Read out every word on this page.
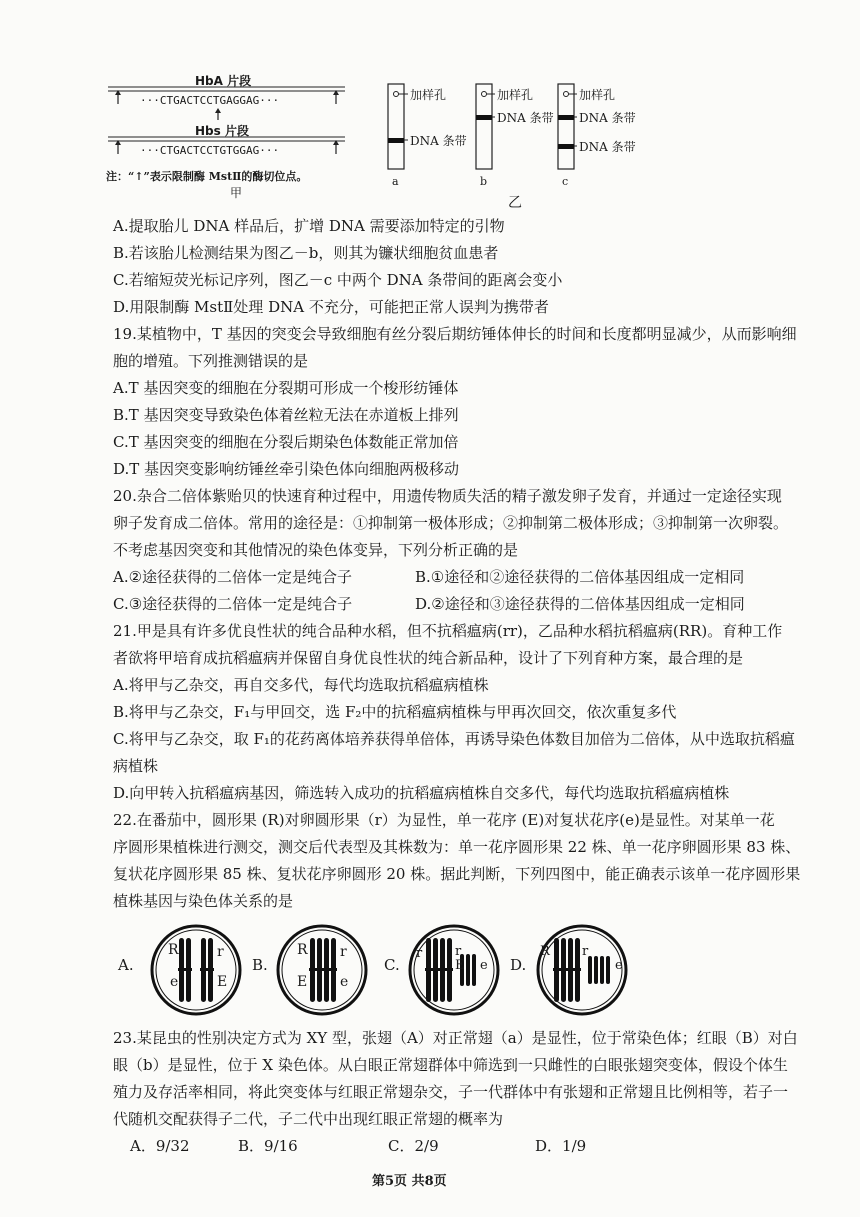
HbA 片段
···CTGACTCCTGAGGAG···
Hbs 片段
···CTGACTCCTGTGGAG···
注：“↑”表示限制酶 MstⅡ的酶切位点。
甲
加样孔
DNA 条带
加样孔
DNA 条带
加样孔
DNA 条带
DNA 条带
a	b	c
乙
A.提取胎儿 DNA 样品后，扩增 DNA 需要添加特定的引物
B.若该胎儿检测结果为图乙－b，则其为镰状细胞贫血患者
C.若缩短荧光标记序列，图乙－c 中两个 DNA 条带间的距离会变小
D.用限制酶 MstⅡ处理 DNA 不充分，可能把正常人误判为携带者
19.某植物中，T 基因的突变会导致细胞有丝分裂后期纺锤体伸长的时间和长度都明显减少，从而影响细
胞的增殖。下列推测错误的是
A.T 基因突变的细胞在分裂期可形成一个梭形纺锤体
B.T 基因突变导致染色体着丝粒无法在赤道板上排列
C.T 基因突变的细胞在分裂后期染色体数能正常加倍
D.T 基因突变影响纺锤丝牵引染色体向细胞两极移动
20.杂合二倍体紫贻贝的快速育种过程中，用遗传物质失活的精子激发卵子发育，并通过一定途径实现
卵子发育成二倍体。常用的途径是：①抑制第一极体形成；②抑制第二极体形成；③抑制第一次卵裂。
不考虑基因突变和其他情况的染色体变异，下列分析正确的是
A.②途径获得的二倍体一定是纯合子	B.①途径和②途径获得的二倍体基因组成一定相同
C.③途径获得的二倍体一定是纯合子	D.②途径和③途径获得的二倍体基因组成一定相同
21.甲是具有许多优良性状的纯合品种水稻，但不抗稻瘟病(rr)，乙品种水稻抗稻瘟病(RR)。育种工作
者欲将甲培育成抗稻瘟病并保留自身优良性状的纯合新品种，设计了下列育种方案，最合理的是
A.将甲与乙杂交，再自交多代，每代均选取抗稻瘟病植株
B.将甲与乙杂交，F₁与甲回交，选 F₂中的抗稻瘟病植株与甲再次回交，依次重复多代
C.将甲与乙杂交，取 F₁的花药离体培养获得单倍体，再诱导染色体数目加倍为二倍体，从中选取抗稻瘟
病植株
D.向甲转入抗稻瘟病基因，筛选转入成功的抗稻瘟病植株自交多代，每代均选取抗稻瘟病植株
22.在番茄中，圆形果 (R)对卵圆形果（r）为显性，单一花序 (E)对复状花序(e)是显性。对某单一花
序圆形果植株进行测交，测交后代表型及其株数为：单一花序圆形果 22 株、单一花序卵圆形果 83 株、
复状花序圆形果 85 株、复状花序卵圆形 20 株。据此判断，下列四图中，能正确表示该单一花序圆形果
植株基因与染色体关系的是
A.
R
e
r
E
B.
R
E
r
e
C.
r	r
E e D.
R r
e
23.某昆虫的性别决定方式为 XY 型，张翅（A）对正常翅（a）是显性，位于常染色体；红眼（B）对白
眼（b）是显性，位于 X 染色体。从白眼正常翅群体中筛选到一只雌性的白眼张翅突变体，假设个体生
殖力及存活率相同，将此突变体与红眼正常翅杂交，子一代群体中有张翅和正常翅且比例相等，若子一
代随机交配获得子二代，子二代中出现红眼正常翅的概率为
A．9/32	B．9/16	C．2/9	D．1/9
第5页 共8页
